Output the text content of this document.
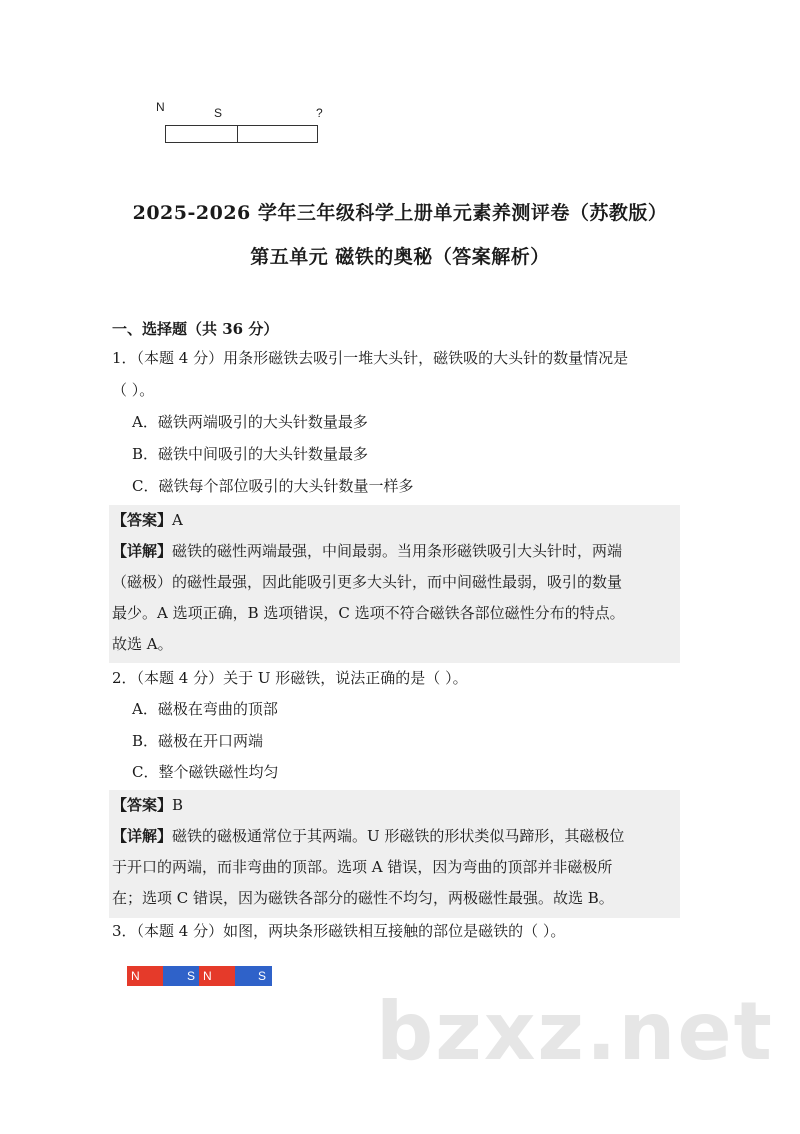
N	S	?
2025-2026 学年三年级科学上册单元素养测评卷（苏教版）
第五单元 磁铁的奥秘（答案解析）
一、选择题（共 36 分）
1．（本题 4 分）用条形磁铁去吸引一堆大头针，磁铁吸的大头针的数量情况是
（ ）。
A．磁铁两端吸引的大头针数量最多
B．磁铁中间吸引的大头针数量最多
C．磁铁每个部位吸引的大头针数量一样多
【答案】A
【详解】磁铁的磁性两端最强，中间最弱。当用条形磁铁吸引大头针时，两端
（磁极）的磁性最强，因此能吸引更多大头针，而中间磁性最弱，吸引的数量
最少。A 选项正确，B 选项错误，C 选项不符合磁铁各部位磁性分布的特点。
故选 A。
2．（本题 4 分）关于 U 形磁铁，说法正确的是（ ）。
A．磁极在弯曲的顶部
B．磁极在开口两端
C．整个磁铁磁性均匀
【答案】B
【详解】磁铁的磁极通常位于其两端。U 形磁铁的形状类似马蹄形，其磁极位
于开口的两端，而非弯曲的顶部。选项 A 错误，因为弯曲的顶部并非磁极所
在；选项 C 错误，因为磁铁各部分的磁性不均匀，两极磁性最强。故选 B。
3．（本题 4 分）如图，两块条形磁铁相互接触的部位是磁铁的（ ）。
N	S N	S
bzxz.net
